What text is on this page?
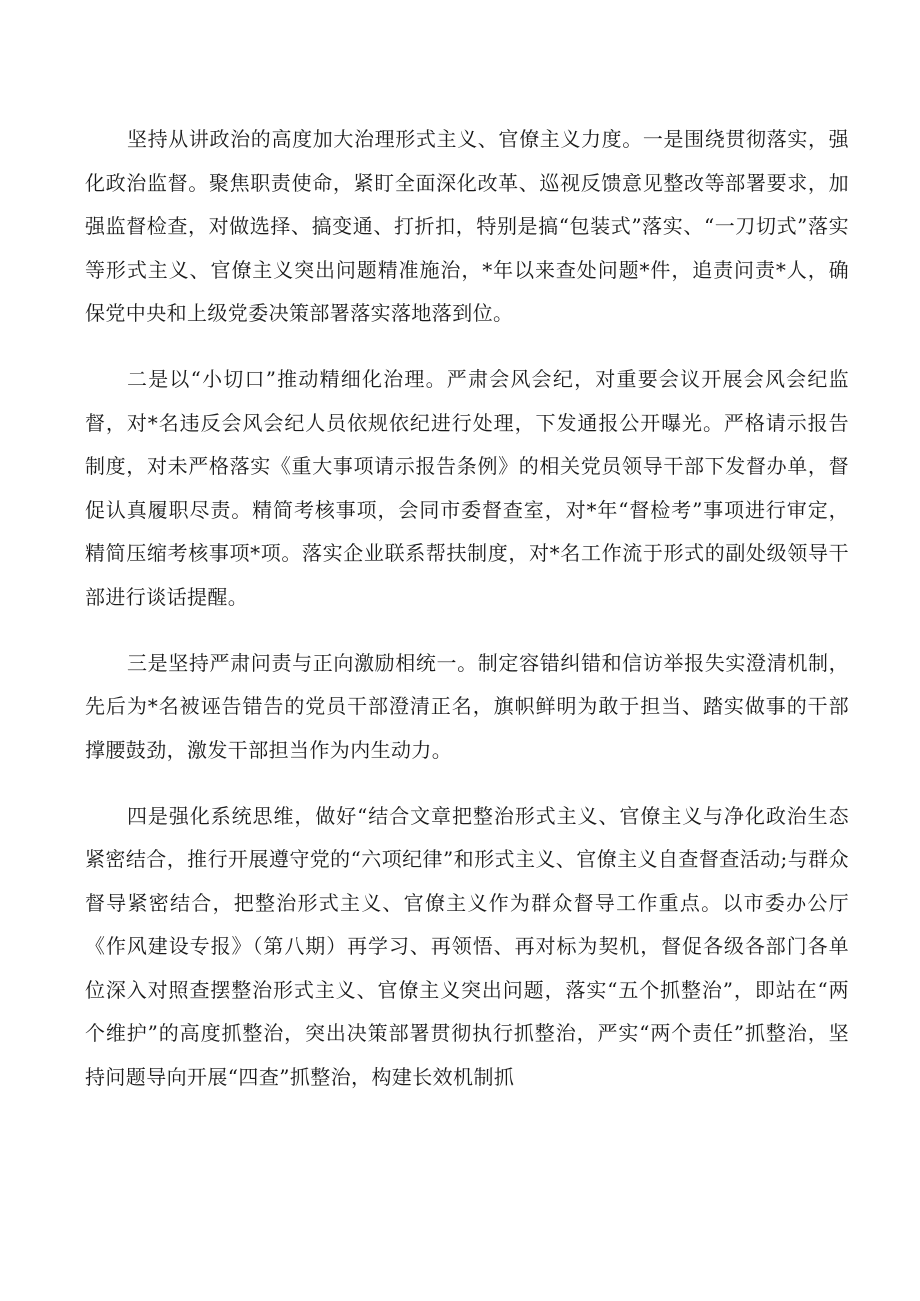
坚持从讲政治的高度加大治理形式主义、官僚主义力度。一是围绕贯彻落实，强化政治监督。聚焦职责使命，紧盯全面深化改革、巡视反馈意见整改等部署要求，加强监督检查，对做选择、搞变通、打折扣，特别是搞“包装式”落实、“一刀切式”落实等形式主义、官僚主义突出问题精准施治，*年以来查处问题*件，追责问责*人，确保党中央和上级党委决策部署落实落地落到位。

二是以“小切口”推动精细化治理。严肃会风会纪，对重要会议开展会风会纪监督，对*名违反会风会纪人员依规依纪进行处理，下发通报公开曝光。严格请示报告制度，对未严格落实《重大事项请示报告条例》的相关党员领导干部下发督办单，督促认真履职尽责。精简考核事项，会同市委督查室，对*年“督检考”事项进行审定，精简压缩考核事项*项。落实企业联系帮扶制度，对*名工作流于形式的副处级领导干部进行谈话提醒。

三是坚持严肃问责与正向激励相统一。制定容错纠错和信访举报失实澄清机制，先后为*名被诬告错告的党员干部澄清正名，旗帜鲜明为敢于担当、踏实做事的干部撑腰鼓劲，激发干部担当作为内生动力。

四是强化系统思维，做好“结合文章把整治形式主义、官僚主义与净化政治生态紧密结合，推行开展遵守党的“六项纪律”和形式主义、官僚主义自查督查活动;与群众督导紧密结合，把整治形式主义、官僚主义作为群众督导工作重点。以市委办公厅《作风建设专报》（第八期）再学习、再领悟、再对标为契机，督促各级各部门各单位深入对照查摆整治形式主义、官僚主义突出问题，落实“五个抓整治”，即站在“两个维护”的高度抓整治，突出决策部署贯彻执行抓整治，严实“两个责任”抓整治，坚持问题导向开展“四查”抓整治，构建长效机制抓
